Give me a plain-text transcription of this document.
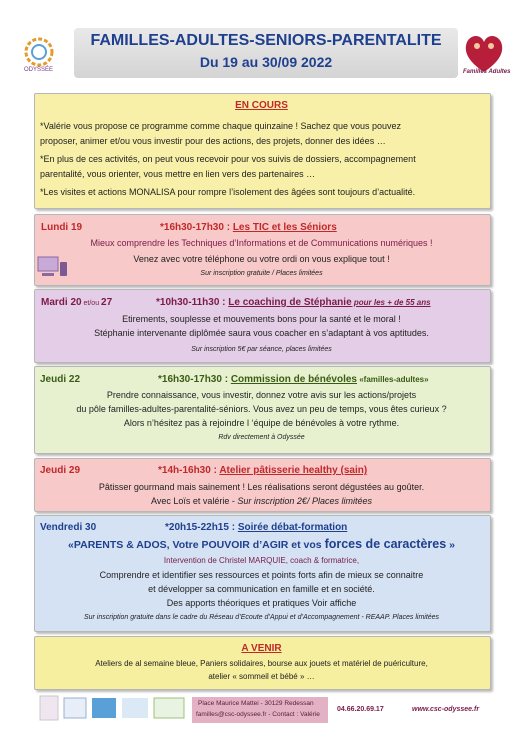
FAMILLES-ADULTES-SENIORS-PARENTALITE
Du 19 au 30/09 2022
ODYSSÉE	Familles Adultes
EN COURS
*Valérie vous propose ce programme comme chaque quinzaine ! Sachez que vous pouvez
proposer, animer et/ou vous investir pour des actions, des projets, donner des idées …
*En plus de ces activités, on peut vous recevoir pour vos suivis de dossiers, accompagnement
parentalité, vous orienter, vous mettre en lien vers des partenaires …
*Les visites et actions MONALISA pour rompre l’isolement des âgées sont toujours d’actualité.
Lundi 19	*16h30-17h30 : Les TIC et les Séniors
Mieux comprendre les Techniques d’Informations et de Communications numériques !
Venez avec votre téléphone ou votre ordi on vous explique tout !
Sur inscription gratuite / Places limitées
Mardi 20 et/ou 27	*10h30-11h30 : Le coaching de Stéphanie pour les + de 55 ans
Etirements, souplesse et mouvements bons pour la santé et le moral !
Stéphanie intervenante diplômée saura vous coacher en s’adaptant à vos aptitudes.
Sur inscription 5€ par séance, places limitées
Jeudi 22	*16h30-17h30 : Commission de bénévoles «familles-adultes»
Prendre connaissance, vous investir, donnez votre avis sur les actions/projets
du pôle familles-adultes-parentalité-séniors. Vous avez un peu de temps, vous êtes curieux ?
Alors n’hésitez pas à rejoindre l ‘équipe de bénévoles à votre rythme.
Rdv directement à Odyssée
Jeudi 29	*14h-16h30 : Atelier pâtisserie healthy (sain)
Pâtisser gourmand mais sainement ! Les réalisations seront dégustées au goûter.
Avec Loïs et valérie - Sur inscription 2€/ Places limitées
Vendredi 30	*20h15-22h15 : Soirée débat-formation
«PARENTS & ADOS, Votre POUVOIR d’AGIR et vos forces de caractères »
Intervention de Christel MARQUIE, coach & formatrice,
Comprendre et identifier ses ressources et points forts afin de mieux se connaitre
et développer sa communication en famille et en société.
Des apports théoriques et pratiques Voir affiche
Sur inscription gratuite dans le cadre du Réseau d’Ecoute d’Appui et d’Accompagnement - REAAP. Places limitées
A VENIR
Ateliers de al semaine bleue, Paniers solidaires, bourse aux jouets et matériel de puériculture,
atelier « sommeil et bébé » …
Place Maurice Mattei - 30129 Redessan
familles@csc-odyssee.fr - Contact : Valérie
04.66.20.69.17	www.csc-odyssee.fr
